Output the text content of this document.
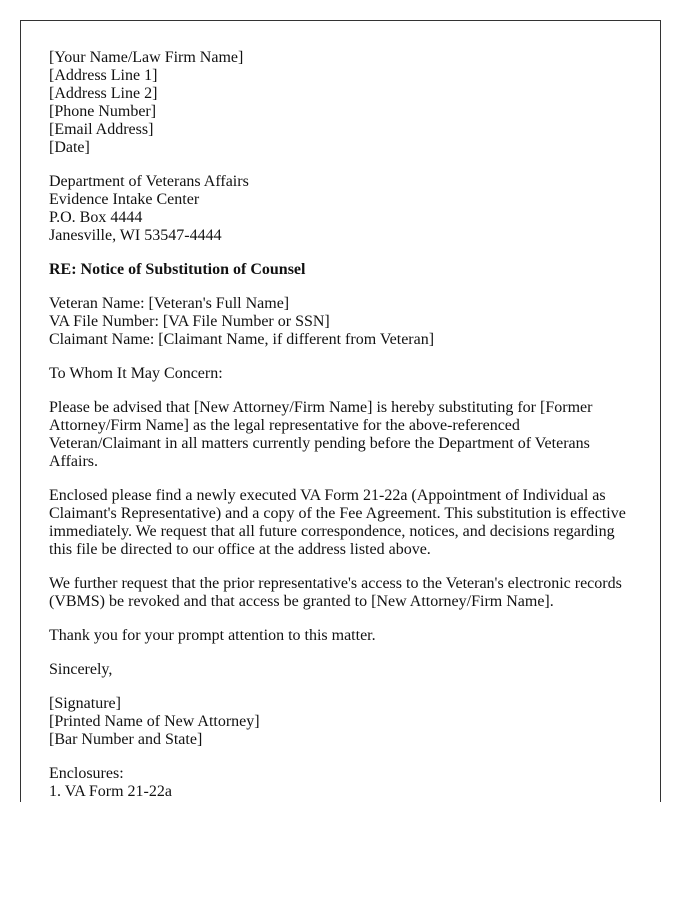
[Your Name/Law Firm Name]
[Address Line 1]
[Address Line 2]
[Phone Number]
[Email Address]
[Date]

Department of Veterans Affairs
Evidence Intake Center
P.O. Box 4444
Janesville, WI 53547-4444

RE: Notice of Substitution of Counsel

Veteran Name: [Veteran's Full Name]
VA File Number: [VA File Number or SSN]
Claimant Name: [Claimant Name, if different from Veteran]

To Whom It May Concern:

Please be advised that [New Attorney/Firm Name] is hereby substituting for [Former Attorney/Firm Name] as the legal representative for the above-referenced Veteran/Claimant in all matters currently pending before the Department of Veterans Affairs.

Enclosed please find a newly executed VA Form 21-22a (Appointment of Individual as Claimant's Representative) and a copy of the Fee Agreement. This substitution is effective immediately. We request that all future correspondence, notices, and decisions regarding this file be directed to our office at the address listed above.

We further request that the prior representative's access to the Veteran's electronic records (VBMS) be revoked and that access be granted to [New Attorney/Firm Name].

Thank you for your prompt attention to this matter.

Sincerely,

[Signature]
[Printed Name of New Attorney]
[Bar Number and State]

Enclosures:
1. VA Form 21-22a
